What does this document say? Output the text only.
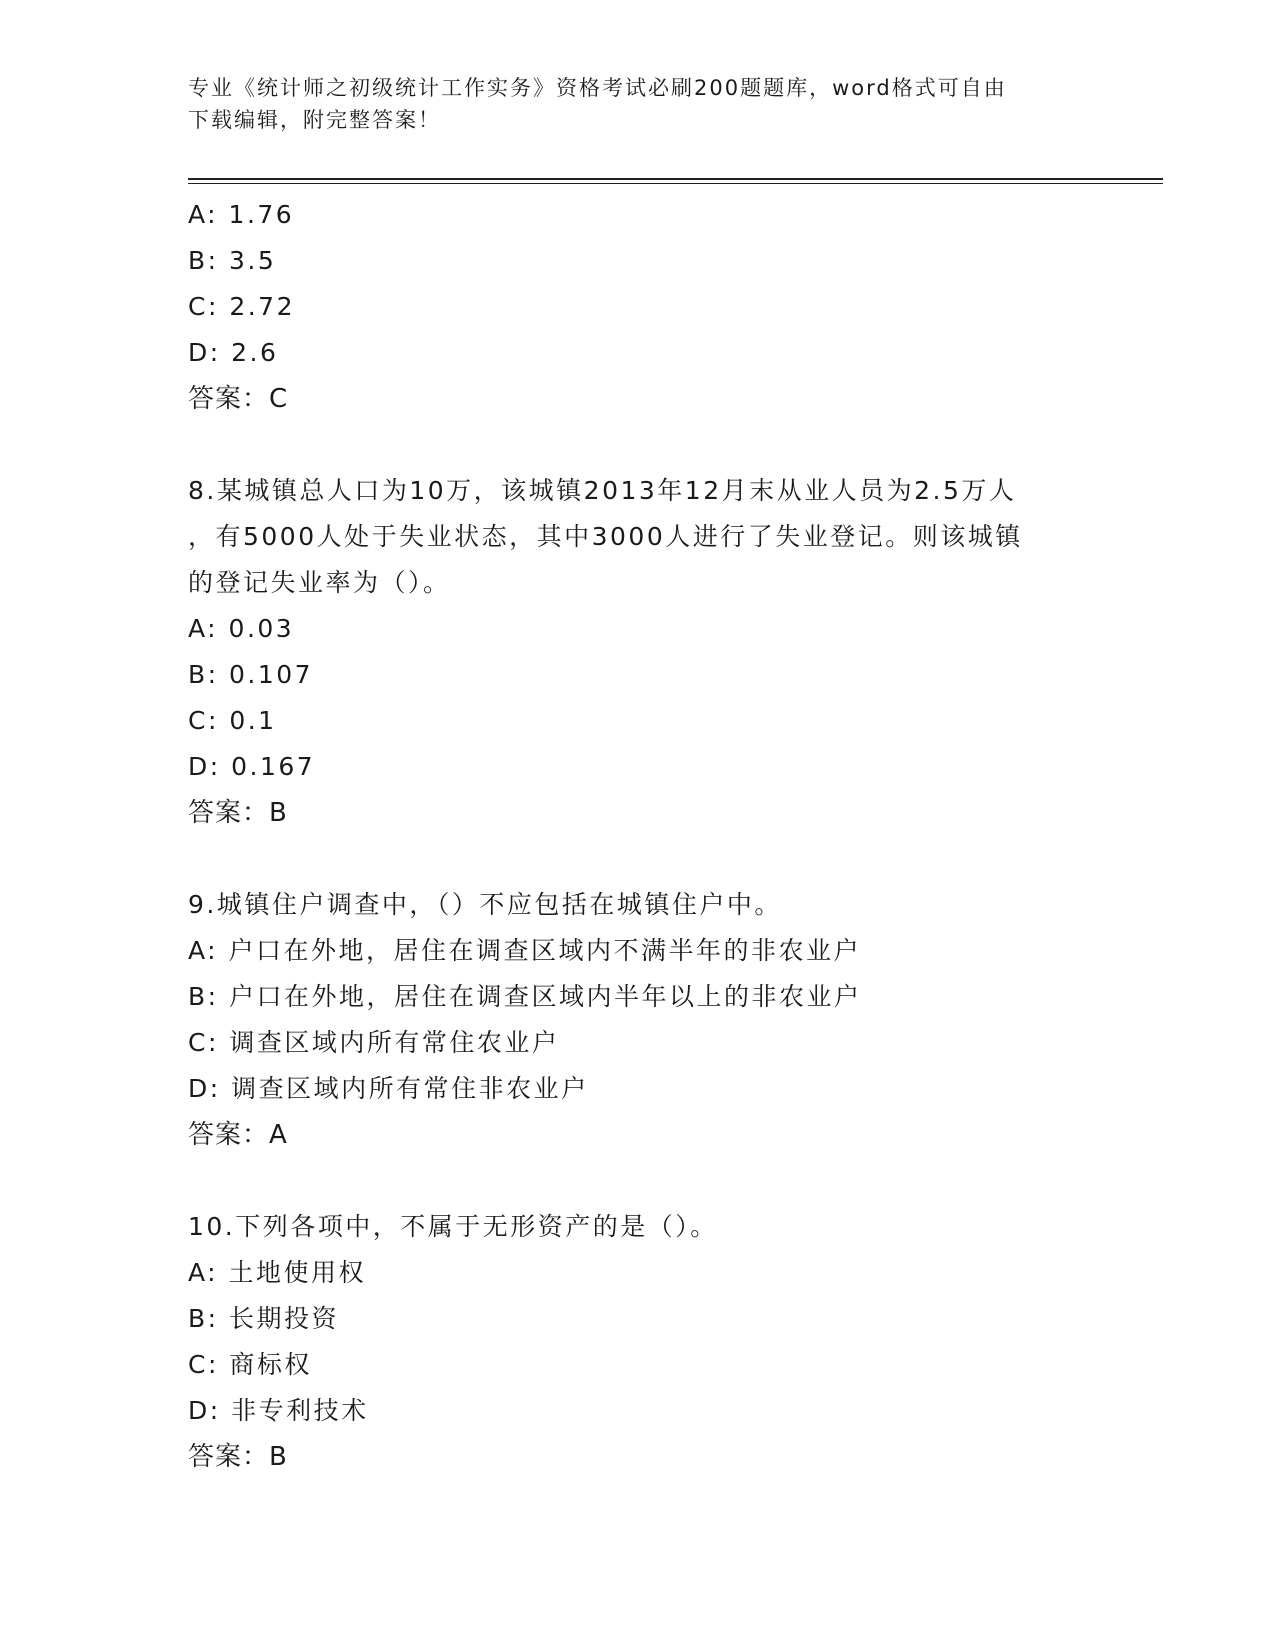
专业《统计师之初级统计工作实务》资格考试必刷200题题库，word格式可自由
下载编辑，附完整答案！
A: 1.76
B: 3.5
C: 2.72
D: 2.6
答案：C
8.某城镇总人口为10万，该城镇2013年12月末从业人员为2.5万人
，有5000人处于失业状态，其中3000人进行了失业登记。则该城镇
的登记失业率为（）。
A: 0.03
B: 0.107
C: 0.1
D: 0.167
答案：B
9.城镇住户调查中，（）不应包括在城镇住户中。
A: 户口在外地，居住在调查区域内不满半年的非农业户
B: 户口在外地，居住在调查区域内半年以上的非农业户
C: 调查区域内所有常住农业户
D: 调查区域内所有常住非农业户
答案：A
10.下列各项中，不属于无形资产的是（）。
A: 土地使用权
B: 长期投资
C: 商标权
D: 非专利技术
答案：B
